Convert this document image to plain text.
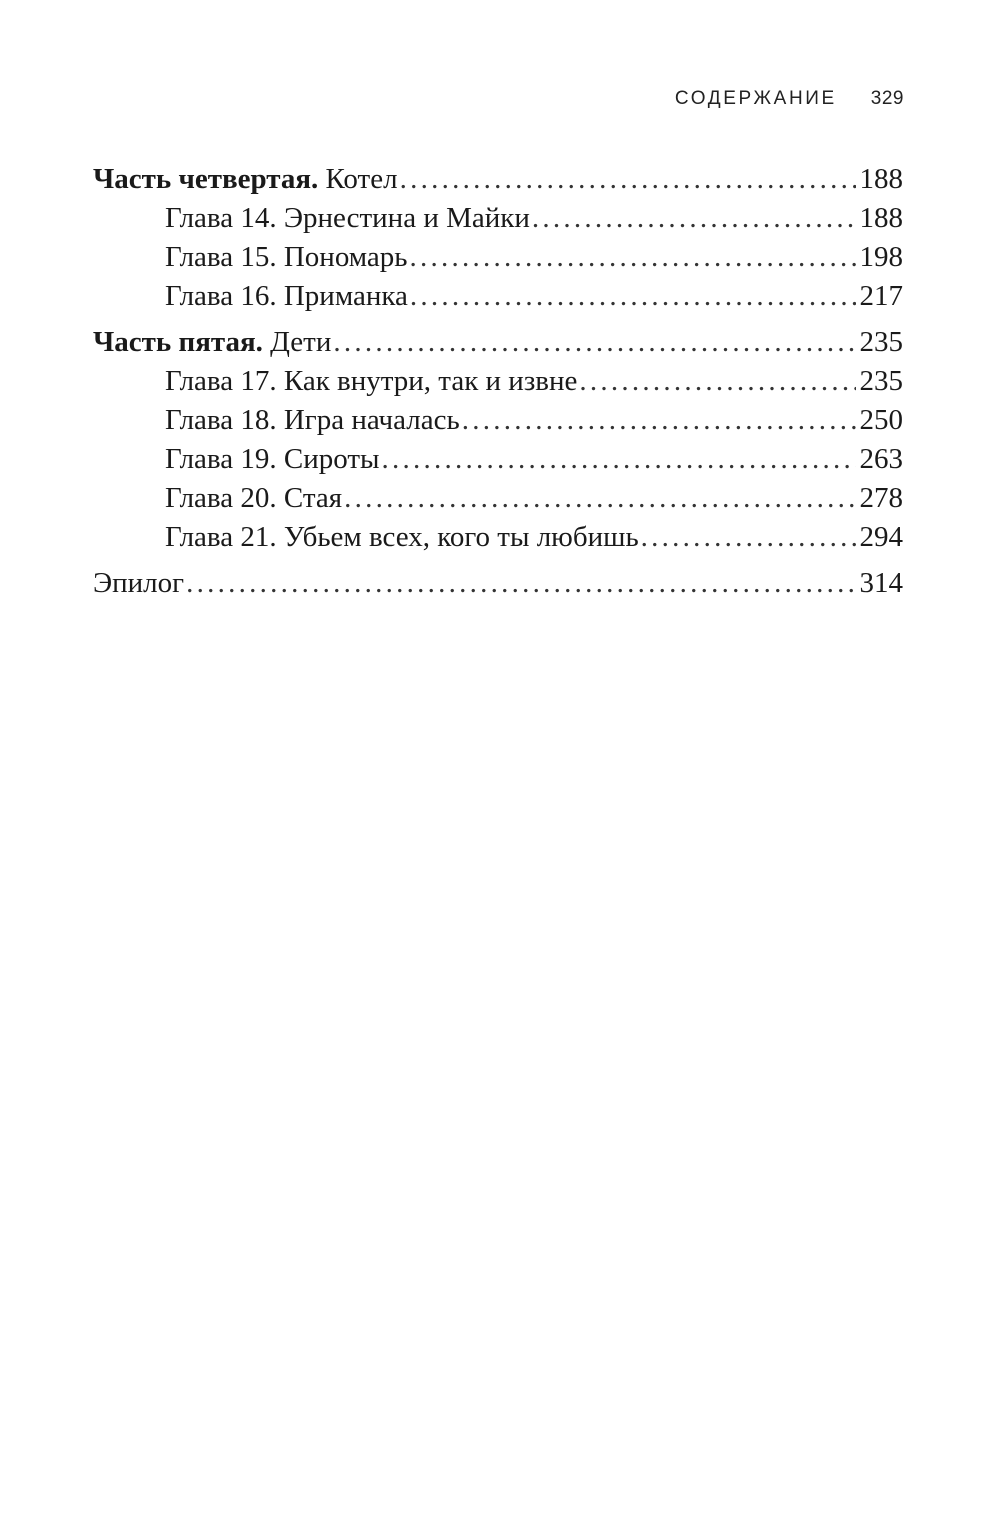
СОДЕРЖАНИЕ 329
Часть четвертая. Котел . . .	188
Глава 14. Эрнестина и Майки . . .	188
Глава 15. Пономарь . . .	198
Глава 16. Приманка . . .	217
Часть пятая. Дети . . .	235
Глава 17. Как внутри, так и извне . . .	235
Глава 18. Игра началась . . .	250
Глава 19. Сироты . . .	263
Глава 20. Стая . . .	278
Глава 21. Убьем всех, кого ты любишь . . .	294
Эпилог . . .	314
